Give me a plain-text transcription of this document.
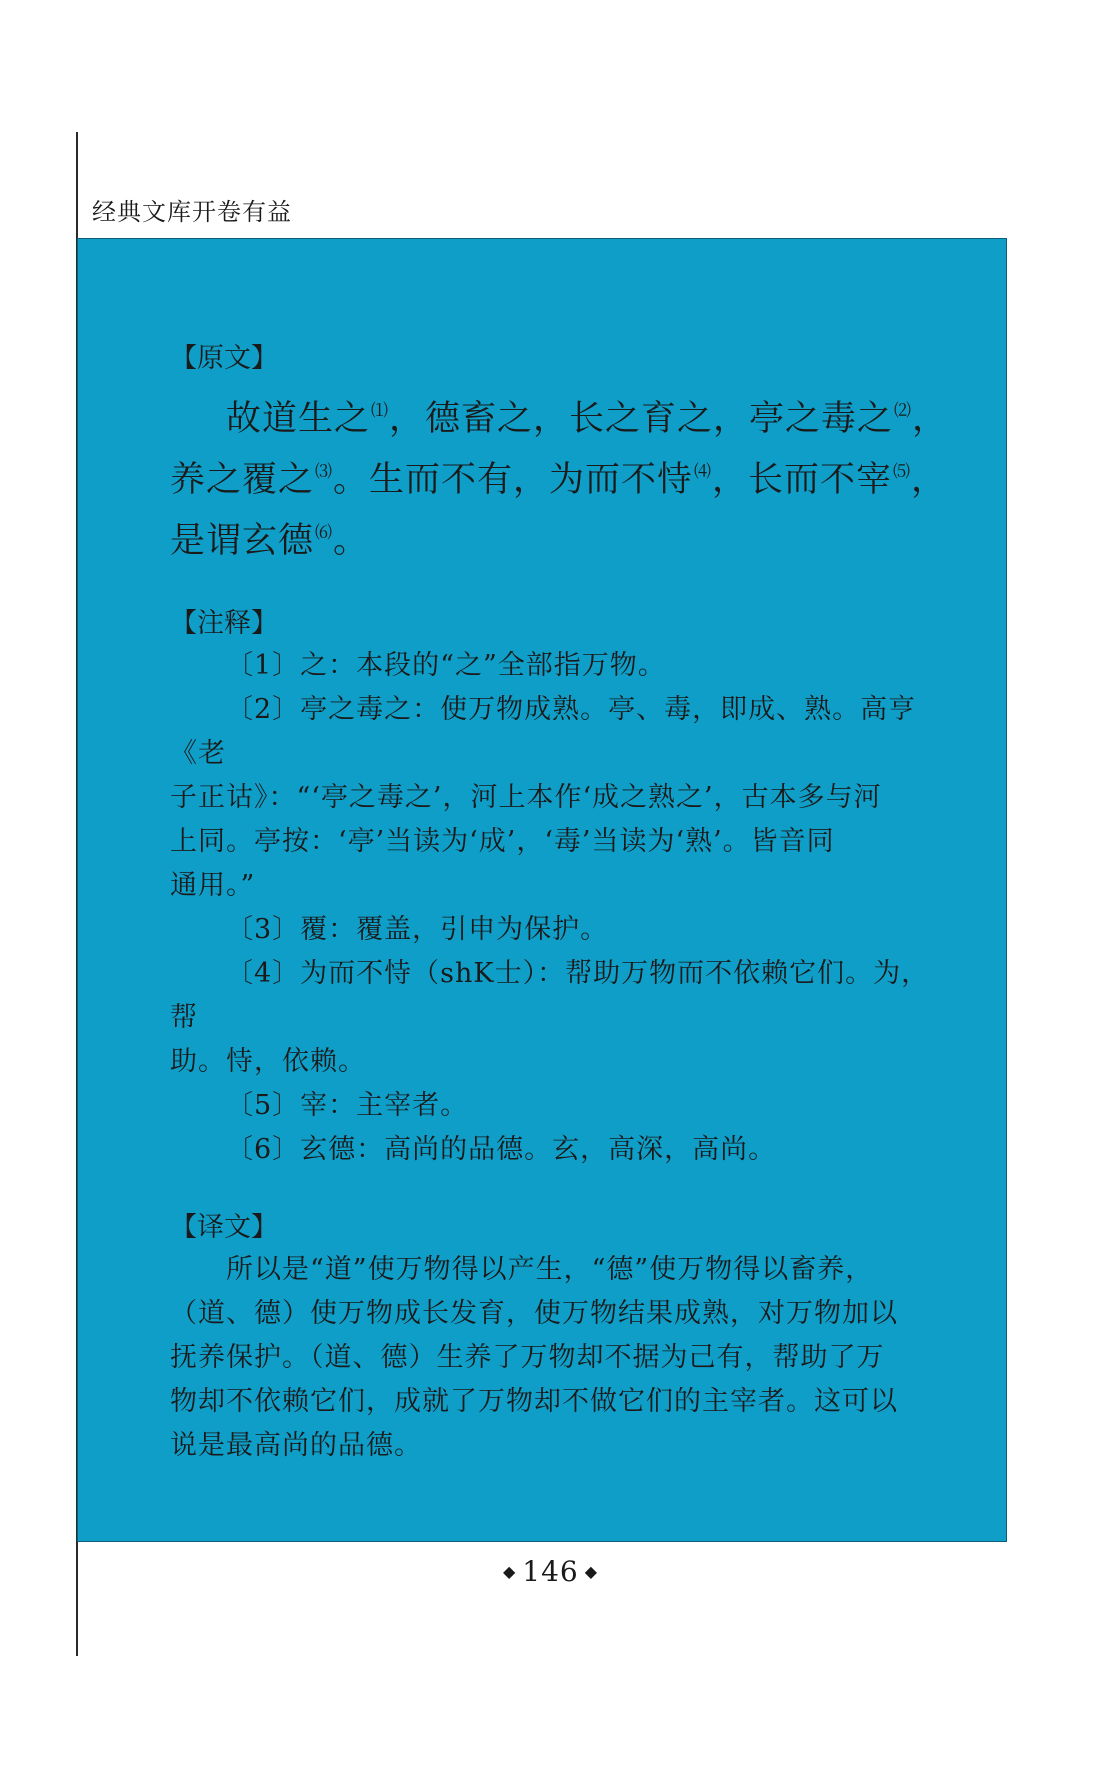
经典文库开卷有益
【原文】

故道生之⑴，德畜之，长之育之，亭之毒之⑵，

养之覆之⑶。生而不有，为而不恃⑷，长而不宰⑸，

是谓玄德⑹。

【注释】

〔1〕之：本段的“之”全部指万物。

〔2〕亭之毒之：使万物成熟。亭、毒，即成、熟。高亨《老

子正诂》：“‘亭之毒之’，河上本作‘成之熟之’，古本多与河

上同。亭按：‘亭’当读为‘成’，‘毒’当读为‘熟’。皆音同

通用。”

〔3〕覆：覆盖，引申为保护。

〔4〕为而不恃（shK士）：帮助万物而不依赖它们。为，帮

助。恃，依赖。

〔5〕宰：主宰者。

〔6〕玄德：高尚的品德。玄，高深，高尚。

【译文】

所以是“道”使万物得以产生，“德”使万物得以畜养，

（道、德）使万物成长发育，使万物结果成熟，对万物加以

抚养保护。（道、德）生养了万物却不据为己有，帮助了万

物却不依赖它们，成就了万物却不做它们的主宰者。这可以

说是最高尚的品德。

◆ 146 ◆
